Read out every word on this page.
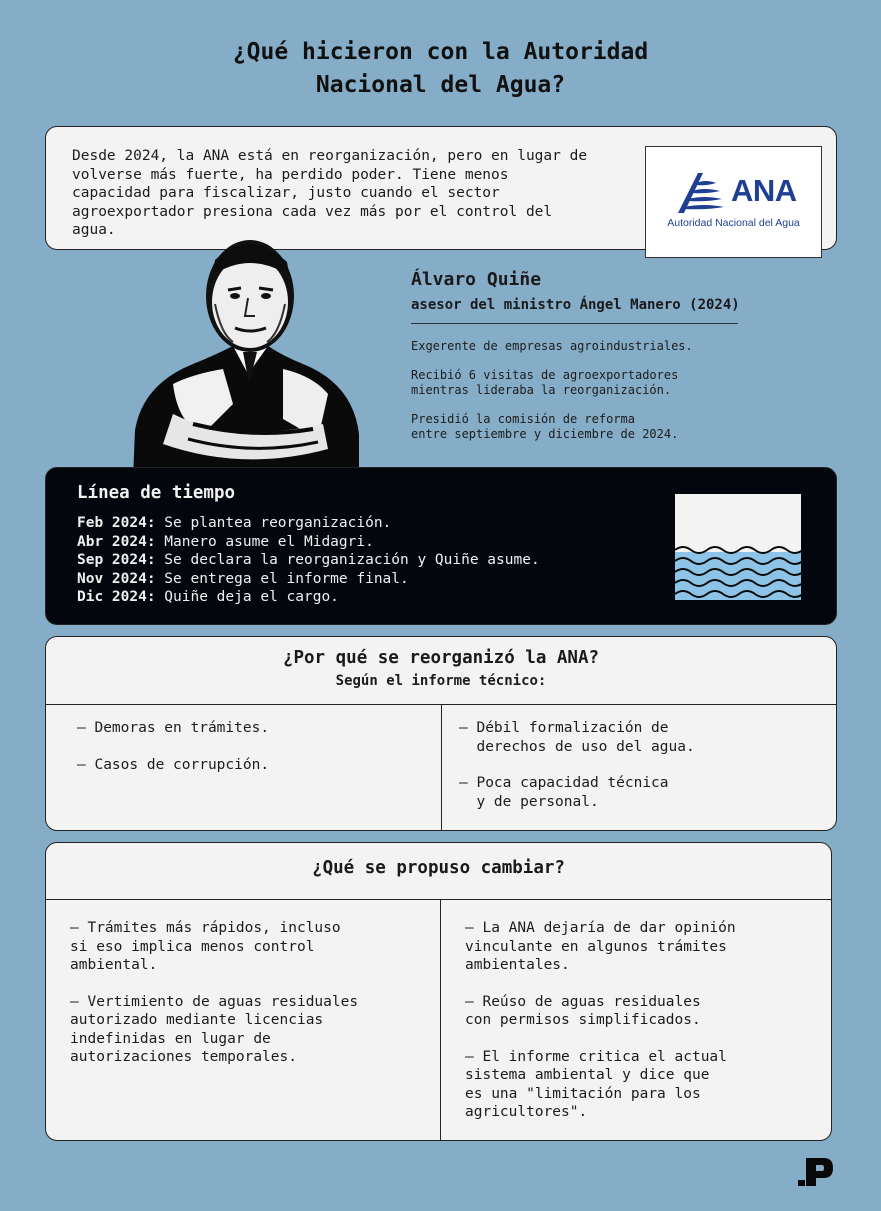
¿Qué hicieron con la Autoridad
Nacional del Agua?

Desde 2024, la ANA está en reorganización, pero en lugar de volverse más fuerte, ha perdido poder. Tiene menos capacidad para fiscalizar, justo cuando el sector agroexportador presiona cada vez más por el control del agua.

ANA
Autoridad Nacional del Agua
Álvaro Quiñe
asesor del ministro Ángel Manero (2024)

Exgerente de empresas agroindustriales.

Recibió 6 visitas de agroexportadores
mientras lideraba la reorganización.

Presidió la comisión de reforma
entre septiembre y diciembre de 2024.

Línea de tiempo
Feb 2024: Se plantea reorganización.
Abr 2024: Manero asume el Midagri.
Sep 2024: Se declara la reorganización y Quiñe asume.
Nov 2024: Se entrega el informe final.
Dic 2024: Quiñe deja el cargo.
¿Por qué se reorganizó la ANA?
Según el informe técnico:

– Demoras en trámites.

– Casos de corrupción.

– Débil formalización de
derechos de uso del agua.

– Poca capacidad técnica
y de personal.

¿Qué se propuso cambiar?

– Trámites más rápidos, incluso
si eso implica menos control
ambiental.

– Vertimiento de aguas residuales
autorizado mediante licencias
indefinidas en lugar de
autorizaciones temporales.

– La ANA dejaría de dar opinión
vinculante en algunos trámites
ambientales.

– Reúso de aguas residuales
con permisos simplificados.

– El informe critica el actual
sistema ambiental y dice que
es una "limitación para los
agricultores".
